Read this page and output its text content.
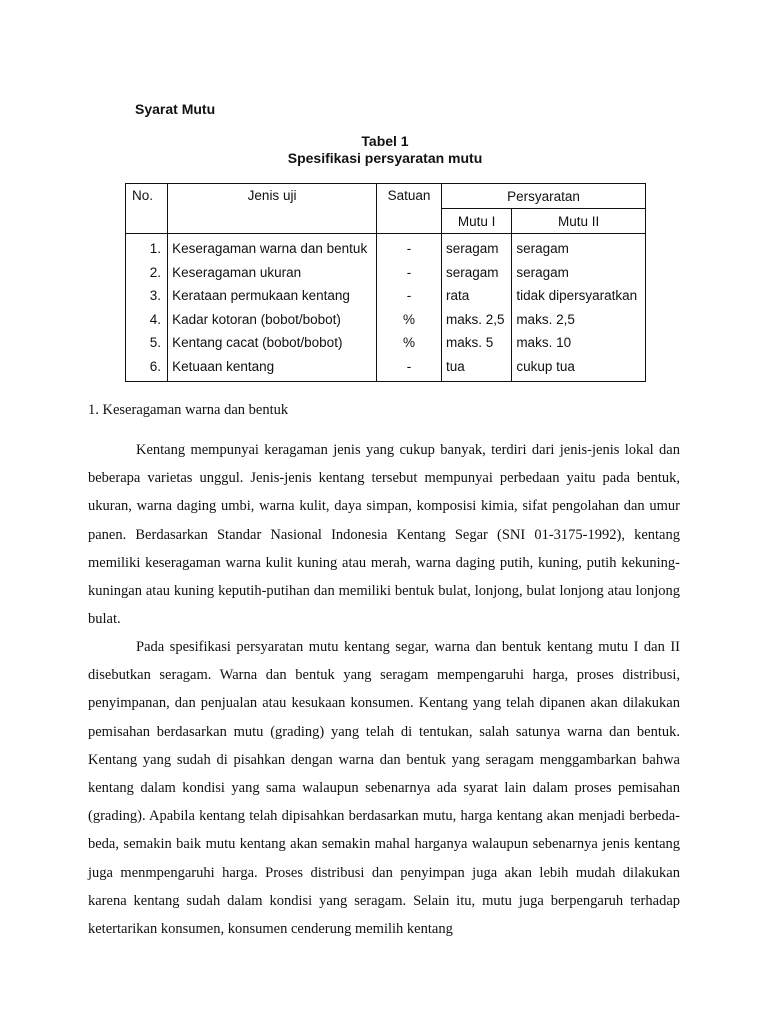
Syarat Mutu
Tabel 1
Spesifikasi persyaratan mutu
No.	Jenis uji	Satuan	Persyaratan	
			Mutu I	Mutu II
1.	Keseragaman warna dan bentuk	-	seragam	seragam
2.	Keseragaman ukuran	-	seragam	seragam
3.	Kerataan permukaan kentang	-	rata	tidak dipersyaratkan
4.	Kadar kotoran (bobot/bobot)	%	maks. 2,5	maks. 2,5
5.	Kentang cacat (bobot/bobot)	%	maks. 5	maks. 10
6.	Ketuaan kentang	-	tua	cukup tua
1. Keseragaman warna dan bentuk

Kentang mempunyai keragaman jenis yang cukup banyak, terdiri dari jenis-jenis lokal dan beberapa varietas unggul. Jenis-jenis kentang tersebut mempunyai perbedaan yaitu pada bentuk, ukuran, warna daging umbi, warna kulit, daya simpan, komposisi kimia, sifat pengolahan dan umur panen. Berdasarkan Standar Nasional Indonesia Kentang Segar (SNI 01-3175-1992), kentang memiliki keseragaman warna kulit kuning atau merah, warna daging putih, kuning, putih kekuning-kuningan atau kuning keputih-putihan dan memiliki bentuk bulat, lonjong, bulat lonjong atau lonjong bulat.

Pada spesifikasi persyaratan mutu kentang segar, warna dan bentuk kentang mutu I dan II disebutkan seragam. Warna dan bentuk yang seragam mempengaruhi harga, proses distribusi, penyimpanan, dan penjualan atau kesukaan konsumen. Kentang yang telah dipanen akan dilakukan pemisahan berdasarkan mutu (grading) yang telah di tentukan, salah satunya warna dan bentuk. Kentang yang sudah di pisahkan dengan warna dan bentuk yang seragam menggambarkan bahwa kentang dalam kondisi yang sama walaupun sebenarnya ada syarat lain dalam proses pemisahan (grading). Apabila kentang telah dipisahkan berdasarkan mutu, harga kentang akan menjadi berbeda- beda, semakin baik mutu kentang akan semakin mahal harganya walaupun sebenarnya jenis kentang juga menmpengaruhi harga. Proses distribusi dan penyimpan juga akan lebih mudah dilakukan karena kentang sudah dalam kondisi yang seragam. Selain itu, mutu juga berpengaruh terhadap ketertarikan konsumen, konsumen cenderung memilih kentang
